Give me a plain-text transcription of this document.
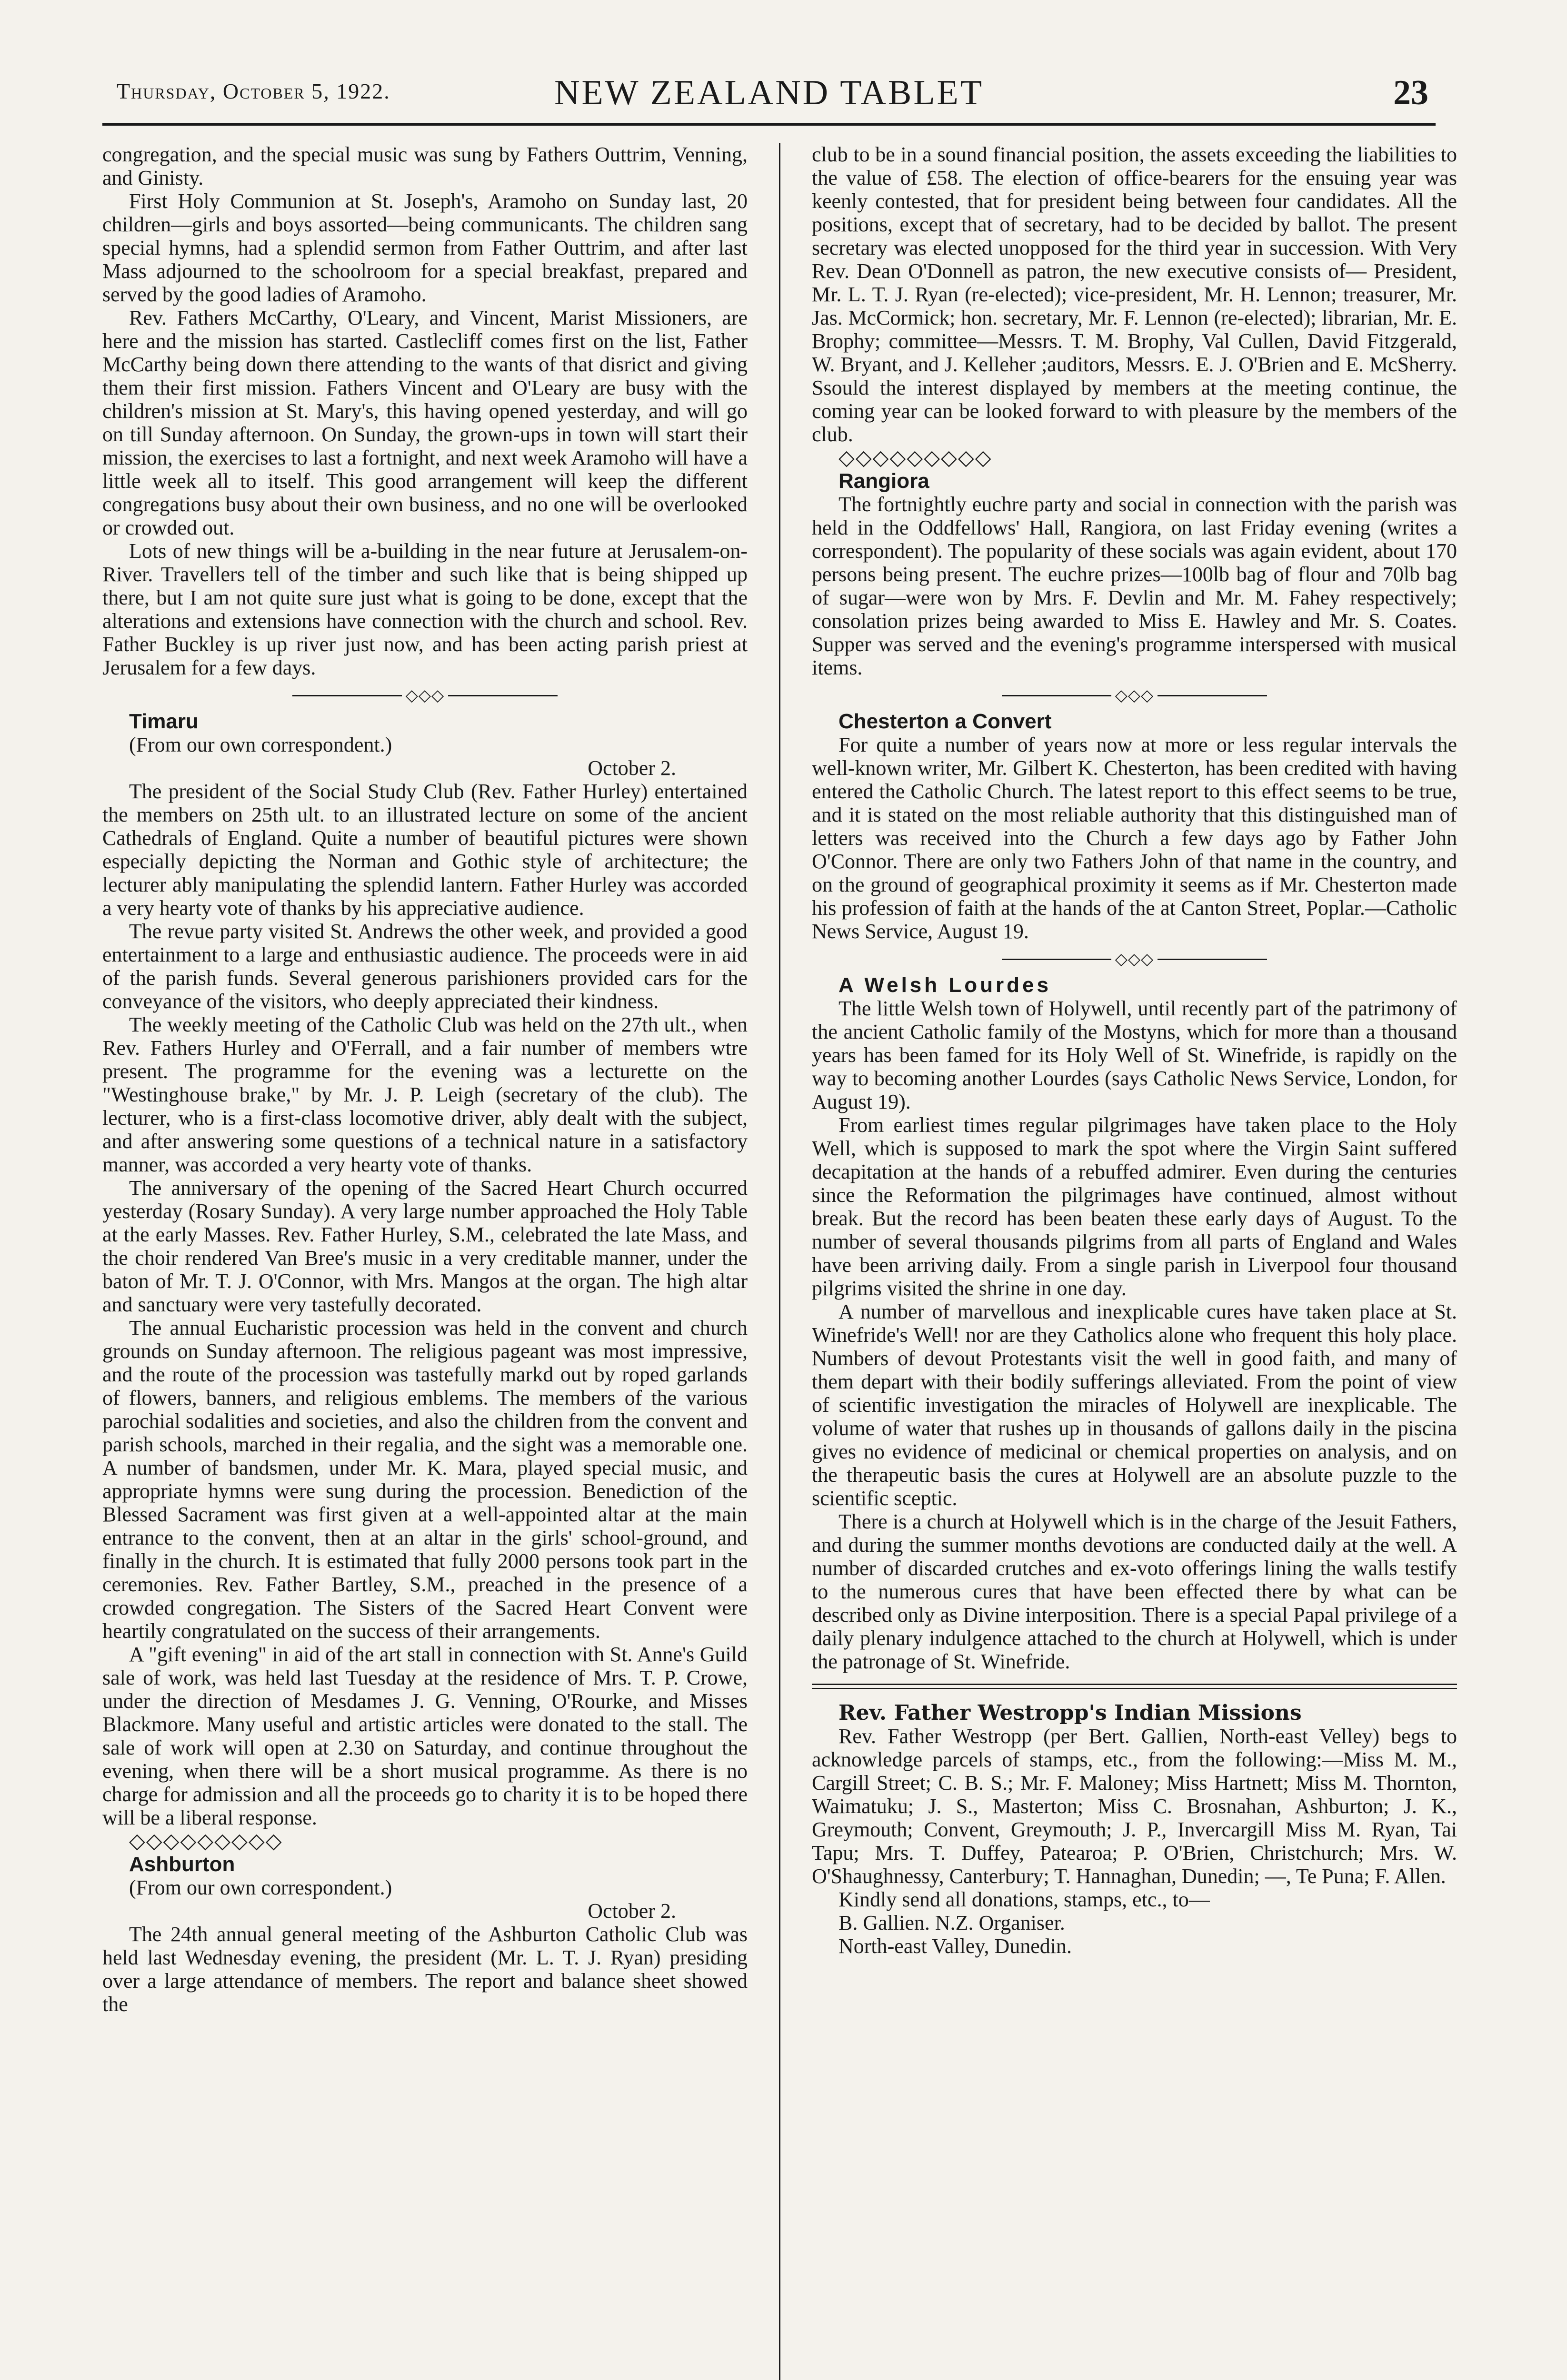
Thursday, October 5, 1922.	NEW ZEALAND TABLET	23

congregation, and the special music was sung by Fathers Outtrim, Venning, and Ginisty.

First Holy Communion at St. Joseph's, Aramoho on Sunday last, 20 children—girls and boys assorted—being communicants. The children sang special hymns, had a splendid sermon from Father Outtrim, and after last Mass adjourned to the schoolroom for a special breakfast, prepared and served by the good ladies of Aramoho.

Rev. Fathers McCarthy, O'Leary, and Vincent, Marist Missioners, are here and the mission has started. Castlecliff comes first on the list, Father McCarthy being down there attending to the wants of that disrict and giving them their first mission. Fathers Vincent and O'Leary are busy with the children's mission at St. Mary's, this having opened yesterday, and will go on till Sunday afternoon. On Sunday, the grown-ups in town will start their mission, the exercises to last a fortnight, and next week Aramoho will have a little week all to itself. This good arrangement will keep the different congregations busy about their own business, and no one will be overlooked or crowded out.

Lots of new things will be a-building in the near future at Jerusalem-on-River. Travellers tell of the timber and such like that is being shipped up there, but I am not quite sure just what is going to be done, except that the alterations and extensions have connection with the church and school. Rev. Father Buckley is up river just now, and has been acting parish priest at Jerusalem for a few days.

◇◇◇

Timaru

(From our own correspondent.)

October 2.

The president of the Social Study Club (Rev. Father Hurley) entertained the members on 25th ult. to an illustrated lecture on some of the ancient Cathedrals of England. Quite a number of beautiful pictures were shown especially depicting the Norman and Gothic style of architecture; the lecturer ably manipulating the splendid lantern. Father Hurley was accorded a very hearty vote of thanks by his appreciative audience.

The revue party visited St. Andrews the other week, and provided a good entertainment to a large and enthusiastic audience. The proceeds were in aid of the parish funds. Several generous parishioners provided cars for the conveyance of the visitors, who deeply appreciated their kindness.

The weekly meeting of the Catholic Club was held on the 27th ult., when Rev. Fathers Hurley and O'Ferrall, and a fair number of members wtre present. The programme for the evening was a lecturette on the "Westinghouse brake," by Mr. J. P. Leigh (secretary of the club). The lecturer, who is a first-class locomotive driver, ably dealt with the subject, and after answering some questions of a technical nature in a satisfactory manner, was accorded a very hearty vote of thanks.

The anniversary of the opening of the Sacred Heart Church occurred yesterday (Rosary Sunday). A very large number approached the Holy Table at the early Masses. Rev. Father Hurley, S.M., celebrated the late Mass, and the choir rendered Van Bree's music in a very creditable manner, under the baton of Mr. T. J. O'Connor, with Mrs. Mangos at the organ. The high altar and sanctuary were very tastefully decorated.

The annual Eucharistic procession was held in the convent and church grounds on Sunday afternoon. The religious pageant was most impressive, and the route of the procession was tastefully markd out by roped garlands of flowers, banners, and religious emblems. The members of the various parochial sodalities and societies, and also the children from the convent and parish schools, marched in their regalia, and the sight was a memorable one. A number of bandsmen, under Mr. K. Mara, played special music, and appropriate hymns were sung during the procession. Benediction of the Blessed Sacrament was first given at a well-appointed altar at the main entrance to the convent, then at an altar in the girls' school-ground, and finally in the church. It is estimated that fully 2000 persons took part in the ceremonies. Rev. Father Bartley, S.M., preached in the presence of a crowded congregation. The Sisters of the Sacred Heart Convent were heartily congratulated on the success of their arrangements.

A "gift evening" in aid of the art stall in connection with St. Anne's Guild sale of work, was held last Tuesday at the residence of Mrs. T. P. Crowe, under the direction of Mesdames J. G. Venning, O'Rourke, and Misses Blackmore. Many useful and artistic articles were donated to the stall. The sale of work will open at 2.30 on Saturday, and continue throughout the evening, when there will be a short musical programme. As there is no charge for admission and all the proceeds go to charity it is to be hoped there will be a liberal response.

◇◇◇◇◇◇◇◇◇

Ashburton

(From our own correspondent.)

October 2.

The 24th annual general meeting of the Ashburton Catholic Club was held last Wednesday evening, the president (Mr. L. T. J. Ryan) presiding over a large attendance of members. The report and balance sheet showed the

club to be in a sound financial position, the assets exceeding the liabilities to the value of £58. The election of office-bearers for the ensuing year was keenly contested, that for president being between four candidates. All the positions, except that of secretary, had to be decided by ballot. The present secretary was elected unopposed for the third year in succession. With Very Rev. Dean O'Donnell as patron, the new executive consists of— President, Mr. L. T. J. Ryan (re-elected); vice-president, Mr. H. Lennon; treasurer, Mr. Jas. McCormick; hon. secretary, Mr. F. Lennon (re-elected); librarian, Mr. E. Brophy; committee—Messrs. T. M. Brophy, Val Cullen, David Fitzgerald, W. Bryant, and J. Kelleher ;auditors, Messrs. E. J. O'Brien and E. McSherry. Ssould the interest displayed by members at the meeting continue, the coming year can be looked forward to with pleasure by the members of the club.

◇◇◇◇◇◇◇◇◇

Rangiora

The fortnightly euchre party and social in connection with the parish was held in the Oddfellows' Hall, Rangiora, on last Friday evening (writes a correspondent). The popularity of these socials was again evident, about 170 persons being present. The euchre prizes—100lb bag of flour and 70lb bag of sugar—were won by Mrs. F. Devlin and Mr. M. Fahey respectively; consolation prizes being awarded to Miss E. Hawley and Mr. S. Coates. Supper was served and the evening's programme interspersed with musical items.

◇◇◇

Chesterton a Convert

For quite a number of years now at more or less regular intervals the well-known writer, Mr. Gilbert K. Chesterton, has been credited with having entered the Catholic Church. The latest report to this effect seems to be true, and it is stated on the most reliable authority that this distinguished man of letters was received into the Church a few days ago by Father John O'Connor. There are only two Fathers John of that name in the country, and on the ground of geographical proximity it seems as if Mr. Chesterton made his profession of faith at the hands of the at Canton Street, Poplar.—Catholic News Service, August 19.

◇◇◇

A Welsh Lourdes

The little Welsh town of Holywell, until recently part of the patrimony of the ancient Catholic family of the Mostyns, which for more than a thousand years has been famed for its Holy Well of St. Winefride, is rapidly on the way to becoming another Lourdes (says Catholic News Service, London, for August 19).

From earliest times regular pilgrimages have taken place to the Holy Well, which is supposed to mark the spot where the Virgin Saint suffered decapitation at the hands of a rebuffed admirer. Even during the centuries since the Reformation the pilgrimages have continued, almost without break. But the record has been beaten these early days of August. To the number of several thousands pilgrims from all parts of England and Wales have been arriving daily. From a single parish in Liverpool four thousand pilgrims visited the shrine in one day.

A number of marvellous and inexplicable cures have taken place at St. Winefride's Well! nor are they Catholics alone who frequent this holy place. Numbers of devout Protestants visit the well in good faith, and many of them depart with their bodily sufferings alleviated. From the point of view of scientific investigation the miracles of Holywell are inexplicable. The volume of water that rushes up in thousands of gallons daily in the piscina gives no evidence of medicinal or chemical properties on analysis, and on the therapeutic basis the cures at Holywell are an absolute puzzle to the scientific sceptic.

There is a church at Holywell which is in the charge of the Jesuit Fathers, and during the summer months devotions are conducted daily at the well. A number of discarded crutches and ex-voto offerings lining the walls testify to the numerous cures that have been effected there by what can be described only as Divine interposition. There is a special Papal privilege of a daily plenary indulgence attached to the church at Holywell, which is under the patronage of St. Winefride.

Rev. Father Westropp's Indian Missions

Rev. Father Westropp (per Bert. Gallien, North-east Velley) begs to acknowledge parcels of stamps, etc., from the following:—Miss M. M., Cargill Street; C. B. S.; Mr. F. Maloney; Miss Hartnett; Miss M. Thornton, Waimatuku; J. S., Masterton; Miss C. Brosnahan, Ashburton; J. K., Greymouth; Convent, Greymouth; J. P., Invercargill Miss M. Ryan, Tai Tapu; Mrs. T. Duffey, Patearoa; P. O'Brien, Christchurch; Mrs. W. O'Shaughnessy, Canterbury; T. Hannaghan, Dunedin; —, Te Puna; F. Allen.

Kindly send all donations, stamps, etc., to—

B. Gallien. N.Z. Organiser.

North-east Valley, Dunedin.
